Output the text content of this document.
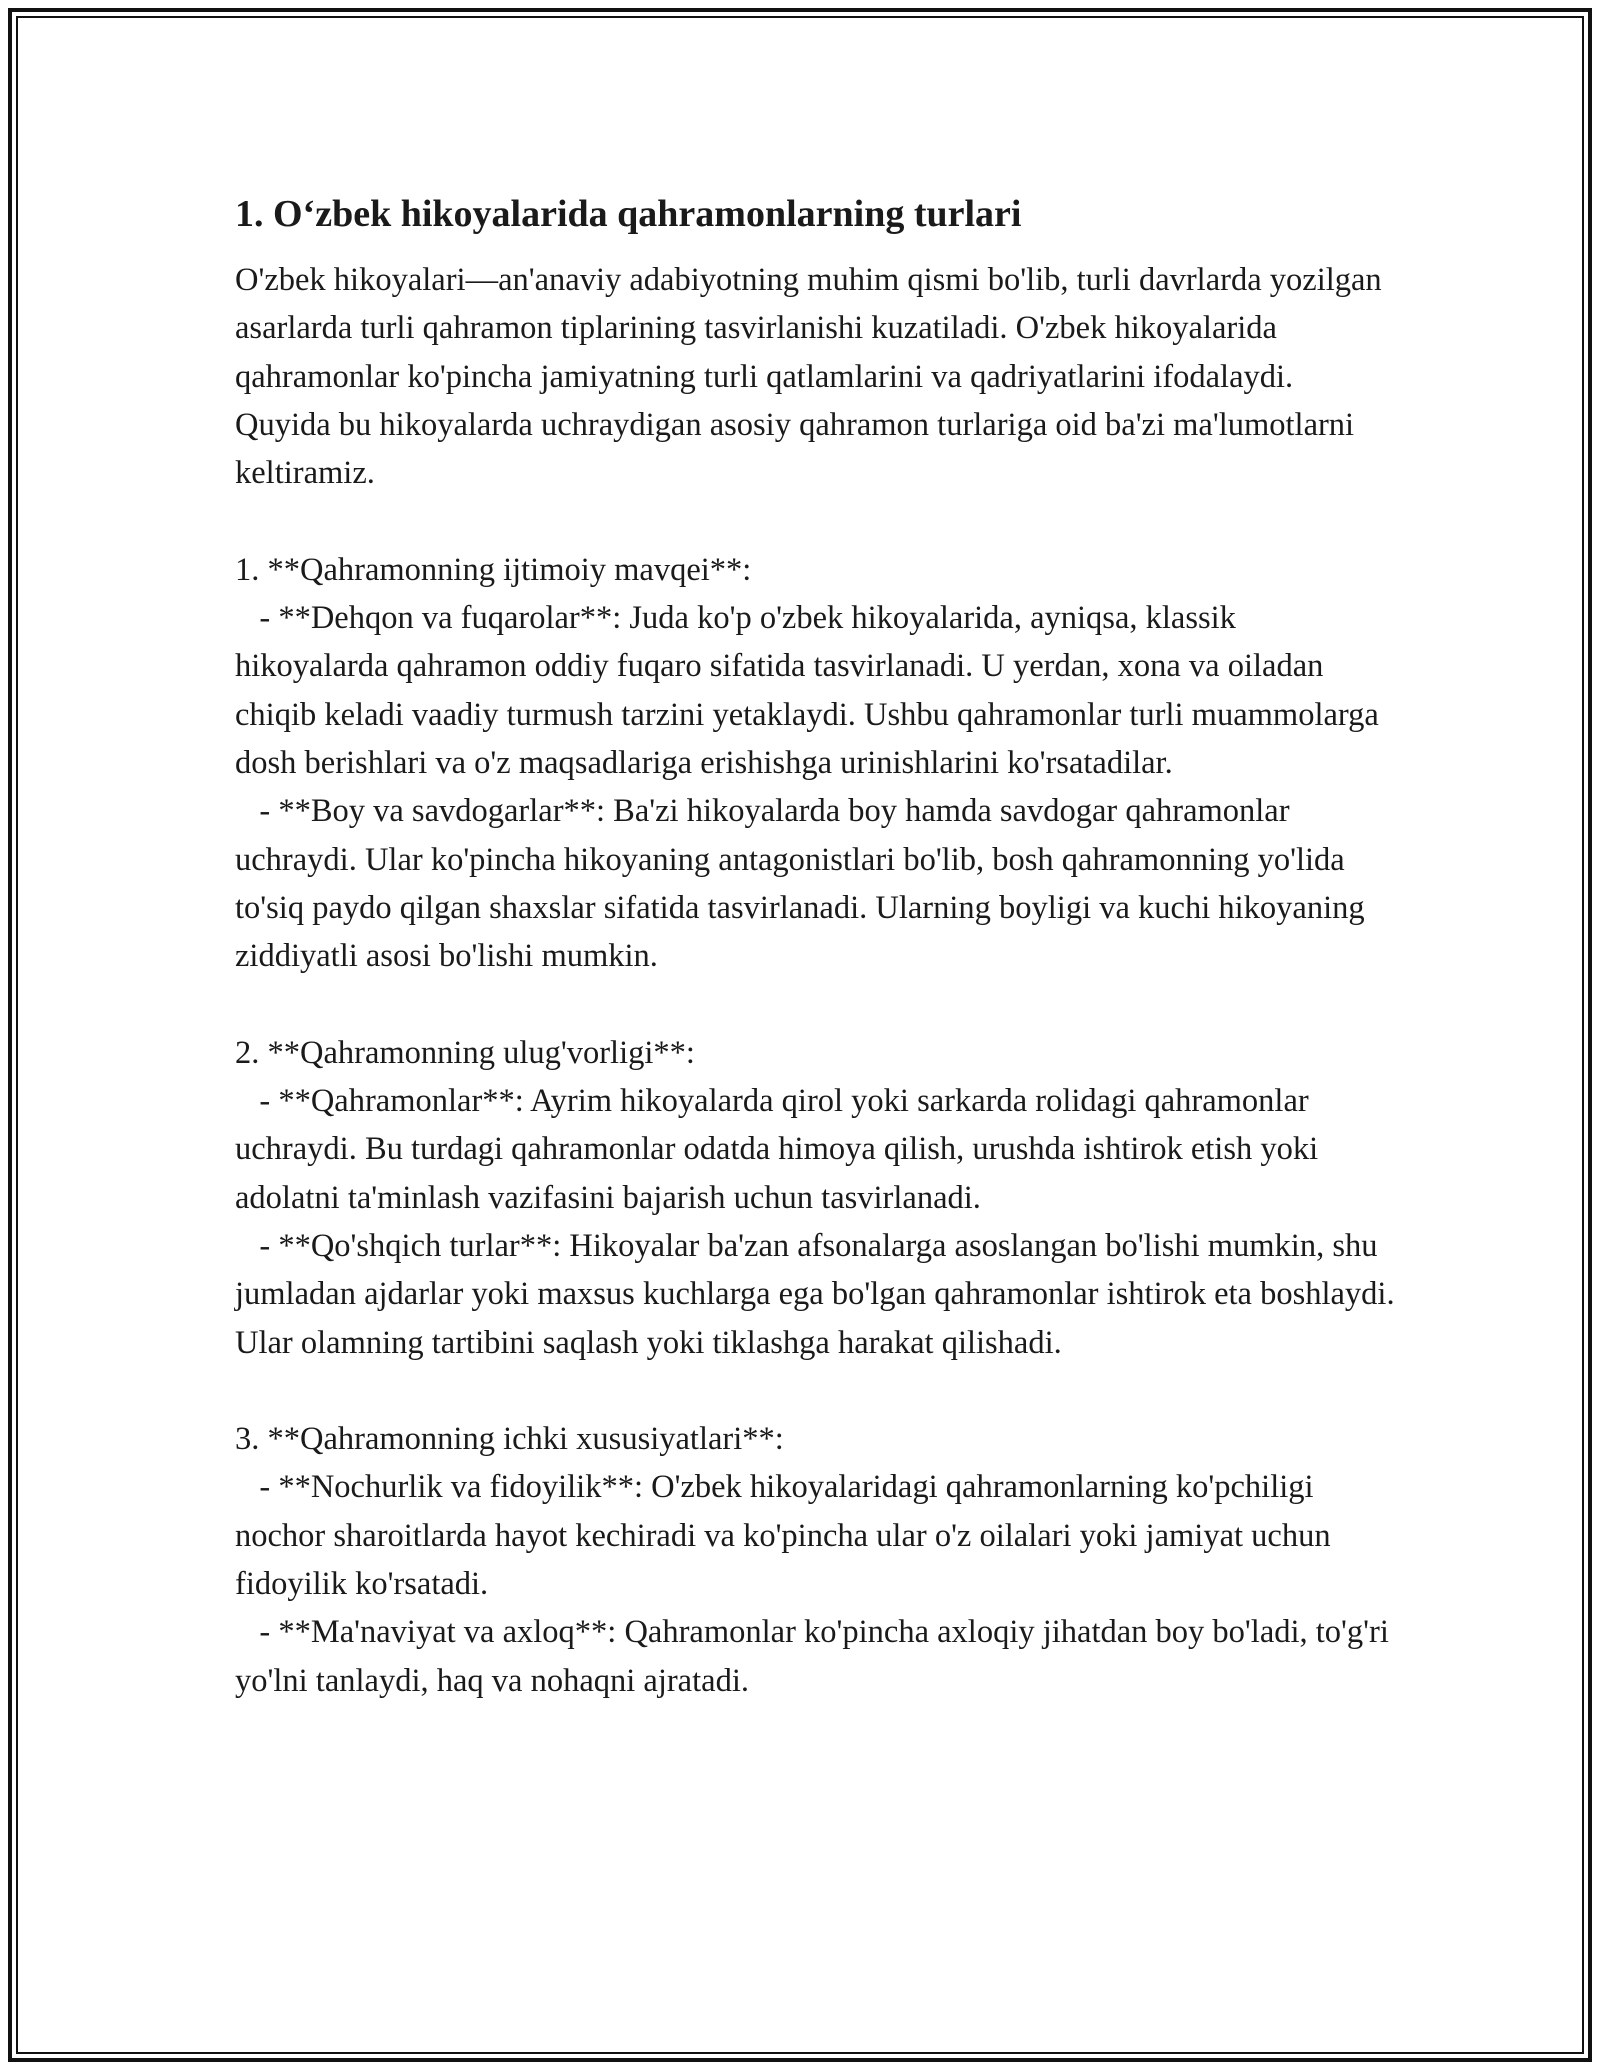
1. O‘zbek hikoyalarida qahramonlarning turlari

O'zbek hikoyalari—an'anaviy adabiyotning muhim qismi bo'lib, turli davrlarda yozilgan asarlarda turli qahramon tiplarining tasvirlanishi kuzatiladi. O'zbek hikoyalarida qahramonlar ko'pincha jamiyatning turli qatlamlarini va qadriyatlarini ifodalaydi. Quyida bu hikoyalarda uchraydigan asosiy qahramon turlariga oid ba'zi ma'lumotlarni keltiramiz.

1. **Qahramonning ijtimoiy mavqei**:

- **Dehqon va fuqarolar**: Juda ko'p o'zbek hikoyalarida, ayniqsa, klassik hikoyalarda qahramon oddiy fuqaro sifatida tasvirlanadi. U yerdan, xona va oiladan chiqib keladi vaadiy turmush tarzini yetaklaydi. Ushbu qahramonlar turli muammolarga dosh berishlari va o'z maqsadlariga erishishga urinishlarini ko'rsatadilar.

- **Boy va savdogarlar**: Ba'zi hikoyalarda boy hamda savdogar qahramonlar uchraydi. Ular ko'pincha hikoyaning antagonistlari bo'lib, bosh qahramonning yo'lida to'siq paydo qilgan shaxslar sifatida tasvirlanadi. Ularning boyligi va kuchi hikoyaning ziddiyatli asosi bo'lishi mumkin.

2. **Qahramonning ulug'vorligi**:

- **Qahramonlar**: Ayrim hikoyalarda qirol yoki sarkarda rolidagi qahramonlar uchraydi. Bu turdagi qahramonlar odatda himoya qilish, urushda ishtirok etish yoki adolatni ta'minlash vazifasini bajarish uchun tasvirlanadi.

- **Qo'shqich turlar**: Hikoyalar ba'zan afsonalarga asoslangan bo'lishi mumkin, shu jumladan ajdarlar yoki maxsus kuchlarga ega bo'lgan qahramonlar ishtirok eta boshlaydi. Ular olamning tartibini saqlash yoki tiklashga harakat qilishadi.

3. **Qahramonning ichki xususiyatlari**:

- **Nochurlik va fidoyilik**: O'zbek hikoyalaridagi qahramonlarning ko'pchiligi nochor sharoitlarda hayot kechiradi va ko'pincha ular o'z oilalari yoki jamiyat uchun fidoyilik ko'rsatadi.

- **Ma'naviyat va axloq**: Qahramonlar ko'pincha axloqiy jihatdan boy bo'ladi, to'g'ri yo'lni tanlaydi, haq va nohaqni ajratadi.
